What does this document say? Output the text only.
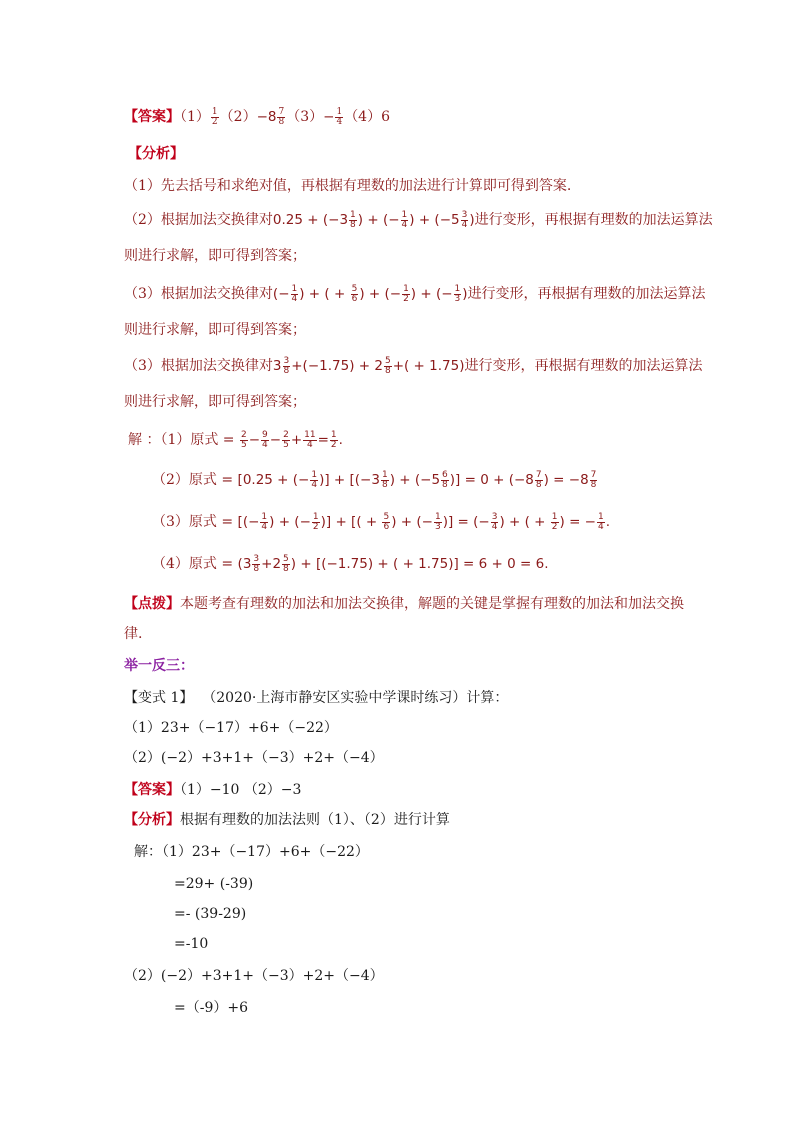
【答案】$(1) \frac{1}{2} (2)-8 \frac{7}{8} (3)- \frac{1}{4} (4)6$
【分析】
（1）先去括号和求绝对值，再根据有理数的加法进行计算即可得到答案.
（2）根据加法交换律对$0.25 + (-3 \frac{1}{8}$ ) + (− $\frac{1}{4}$ ) + ($-5 \frac{3}{4}$ )进行变形，再根据有理数的加法运算法
则进行求解，即可得到答案；
（3）根据加法交换律对(− $\frac{1}{4}$ ) + ( + $\frac{5}{6}$ ) + (− $\frac{1}{2}$ ) + (− $\frac{1}{3}$ )进行变形，再根据有理数的加法运算法
则进行求解，即可得到答案；
（3）根据加法交换律对$3 \frac{3}{8} +(-1.75) + 2 \frac{5}{8}$ +( + 1.75)进行变形，再根据有理数的加法运算法
则进行求解，即可得到答案；
解 ：（1）原式 = $\frac{2}{5} - \frac{9}{4} - \frac{2}{5} + \frac{11}{4} = \frac{1}{2}$ .
（2）原式 = [0.25 + (− $\frac{1}{4}$ )] + [($-3 \frac{1}{8}$ ) + ($-5 \frac{6}{8}$ )] = $0 + (-8 \frac{7}{8}$ ) = $-8 \frac{7}{8}$
（3）原式 = [(− $\frac{1}{4}$ ) + (− $\frac{1}{2}$ )] + [( + $\frac{5}{6}$ ) + (− $\frac{1}{3}$ )] = (− $\frac{3}{4}$ ) + ( + $\frac{1}{2}$ ) = − $\frac{1}{4}$ .
（4）原式 = ($3 \frac{3}{8} +2 \frac{5}{8}$ ) + [(−1.75) + ( + 1.75)] = 6 + 0 = 6.
【点拨】本题考查有理数的加法和加法交换律，解题的关键是掌握有理数的加法和加法交换
律.
举一反三：
【变式 1】 （2020·上海市静安区实验中学课时练习）计算：
（1）23+（−17）+6+（−22）
（2）(−2）+3+1+（−3）+2+（−4）
【答案】（1）−10 （2）−3
【分析】根据有理数的加法法则（1）、（2）进行计算
解：（1）23+（−17）+6+（−22）
=29+ (-39)
=- (39-29)
=-10
（2）(−2）+3+1+（−3）+2+（−4）
=（-9）+6
